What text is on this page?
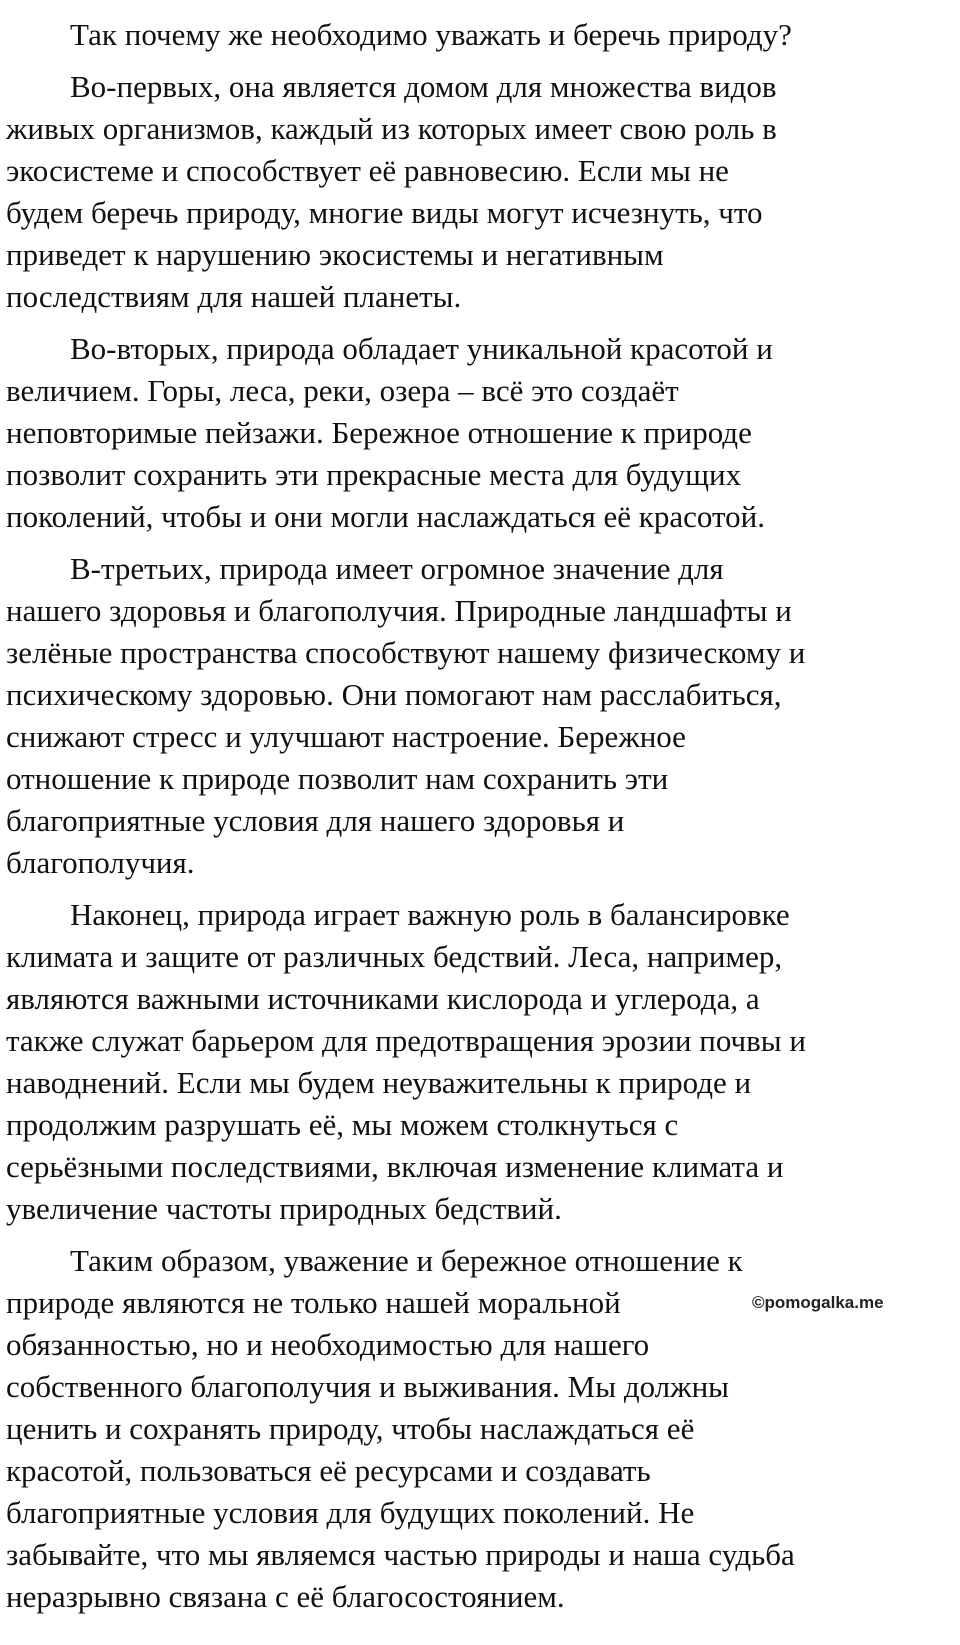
Так почему же необходимо уважать и беречь природу?

Во-первых, она является домом для множества видов
живых организмов, каждый из которых имеет свою роль в
экосистеме и способствует её равновесию. Если мы не
будем беречь природу, многие виды могут исчезнуть, что
приведет к нарушению экосистемы и негативным
последствиям для нашей планеты.

Во-вторых, природа обладает уникальной красотой и
величием. Горы, леса, реки, озера – всё это создаёт
неповторимые пейзажи. Бережное отношение к природе
позволит сохранить эти прекрасные места для будущих
поколений, чтобы и они могли наслаждаться её красотой.

В-третьих, природа имеет огромное значение для
нашего здоровья и благополучия. Природные ландшафты и
зелёные пространства способствуют нашему физическому и
психическому здоровью. Они помогают нам расслабиться,
снижают стресс и улучшают настроение. Бережное
отношение к природе позволит нам сохранить эти
благоприятные условия для нашего здоровья и
благополучия.

Наконец, природа играет важную роль в балансировке
климата и защите от различных бедствий. Леса, например,
являются важными источниками кислорода и углерода, а
также служат барьером для предотвращения эрозии почвы и
наводнений. Если мы будем неуважительны к природе и
продолжим разрушать её, мы можем столкнуться с
серьёзными последствиями, включая изменение климата и
увеличение частоты природных бедствий.

Таким образом, уважение и бережное отношение к
природе являются не только нашей моральной
обязанностью, но и необходимостью для нашего
собственного благополучия и выживания. Мы должны
ценить и сохранять природу, чтобы наслаждаться её
красотой, пользоваться её ресурсами и создавать
благоприятные условия для будущих поколений. Не
забывайте, что мы являемся частью природы и наша судьба
неразрывно связана с её благосостоянием.

©pomogalka.me
